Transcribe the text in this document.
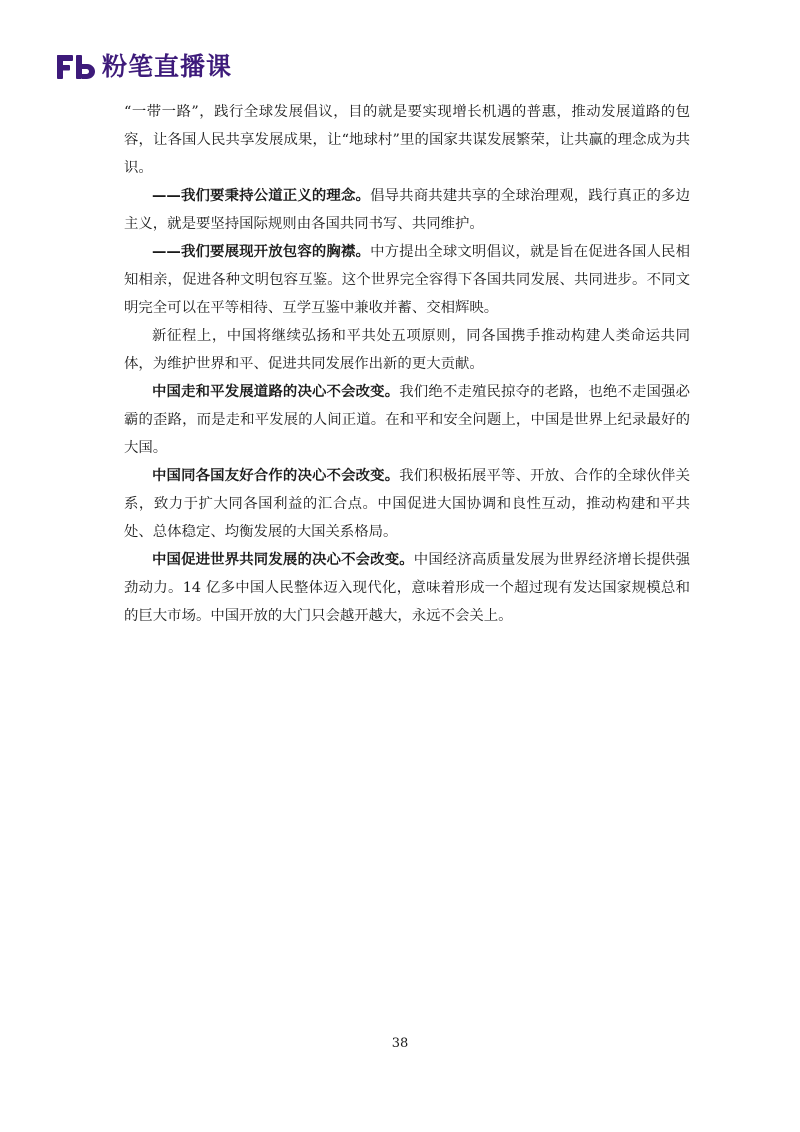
粉笔直播课

“一带一路”，践行全球发展倡议，目的就是要实现增长机遇的普惠，推动发展道路的包容，让各国人民共享发展成果，让“地球村”里的国家共谋发展繁荣，让共赢的理念成为共识。

——我们要秉持公道正义的理念。倡导共商共建共享的全球治理观，践行真正的多边主义，就是要坚持国际规则由各国共同书写、共同维护。

——我们要展现开放包容的胸襟。中方提出全球文明倡议，就是旨在促进各国人民相知相亲，促进各种文明包容互鉴。这个世界完全容得下各国共同发展、共同进步。不同文明完全可以在平等相待、互学互鉴中兼收并蓄、交相辉映。

新征程上，中国将继续弘扬和平共处五项原则，同各国携手推动构建人类命运共同体，为维护世界和平、促进共同发展作出新的更大贡献。

中国走和平发展道路的决心不会改变。我们绝不走殖民掠夺的老路，也绝不走国强必霸的歪路，而是走和平发展的人间正道。在和平和安全问题上，中国是世界上纪录最好的大国。

中国同各国友好合作的决心不会改变。我们积极拓展平等、开放、合作的全球伙伴关系，致力于扩大同各国利益的汇合点。中国促进大国协调和良性互动，推动构建和平共处、总体稳定、均衡发展的大国关系格局。

中国促进世界共同发展的决心不会改变。中国经济高质量发展为世界经济增长提供强劲动力。14 亿多中国人民整体迈入现代化，意味着形成一个超过现有发达国家规模总和的巨大市场。中国开放的大门只会越开越大，永远不会关上。

38
